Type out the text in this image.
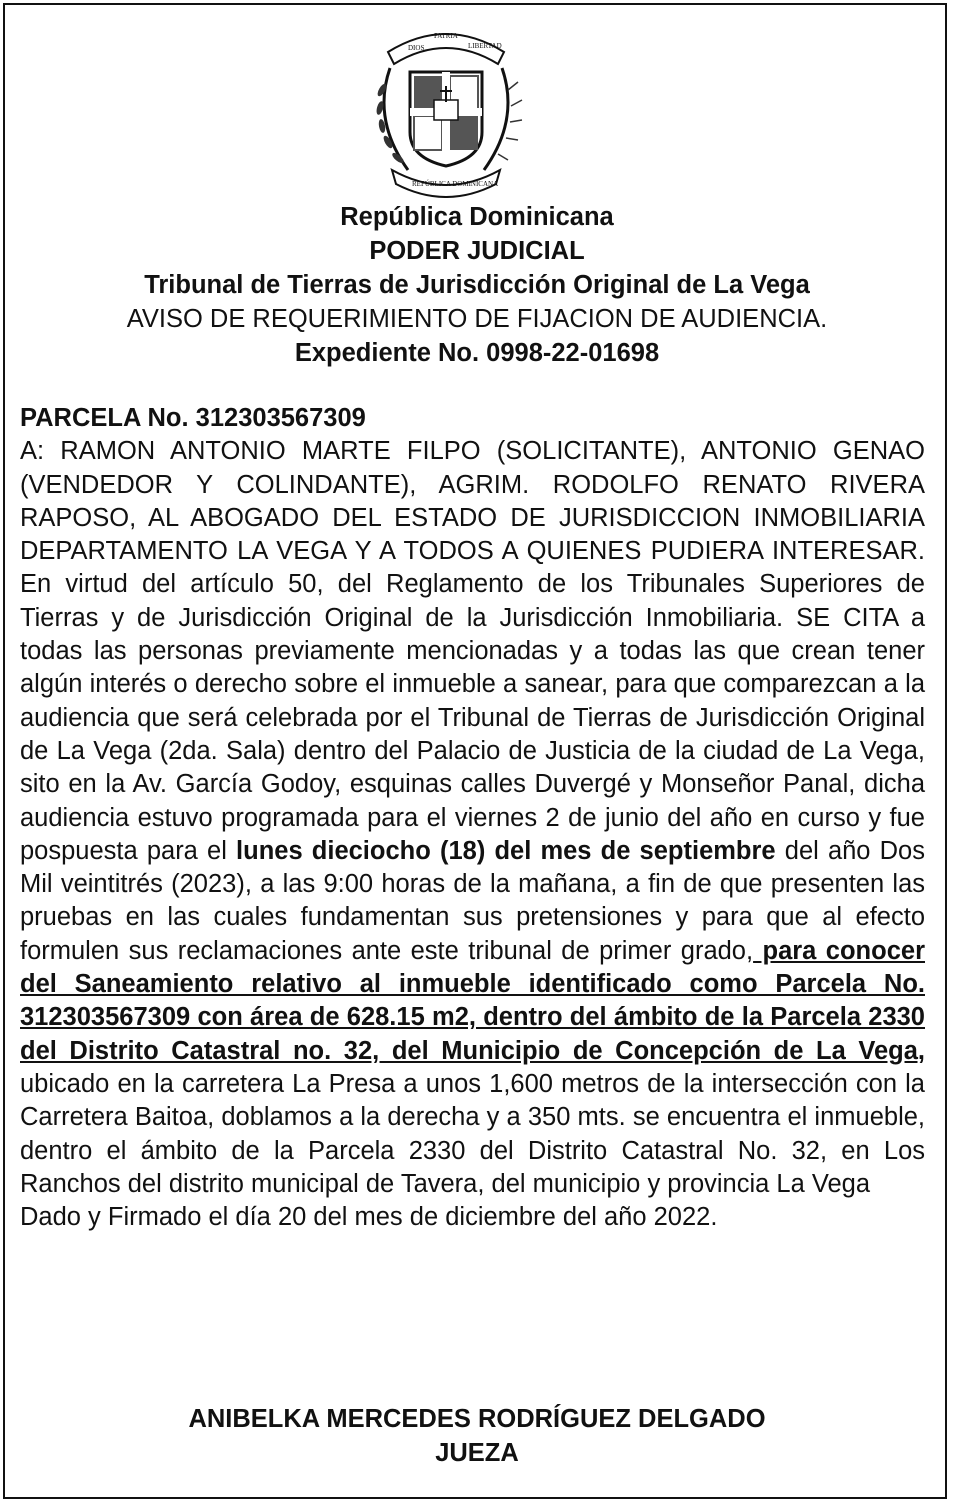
DIOS
PATRIA
LIBERTAD
REPÚBLICA DOMINICANA
República Dominicana
PODER JUDICIAL
Tribunal de Tierras de Jurisdicción Original de La Vega
AVISO DE REQUERIMIENTO DE FIJACION DE AUDIENCIA.
Expediente No. 0998-22-01698

PARCELA No. 312303567309

A: RAMON ANTONIO MARTE FILPO (SOLICITANTE), ANTONIO GENAO (VENDEDOR Y COLINDANTE), AGRIM. RODOLFO RENATO RIVERA RAPOSO, AL ABOGADO DEL ESTADO DE JURISDICCION INMOBILIARIA DEPARTAMENTO LA VEGA Y A TODOS A QUIENES PUDIERA INTERESAR. En virtud del artículo 50, del Reglamento de los Tribunales Superiores de Tierras y de Jurisdicción Original de la Jurisdicción Inmobiliaria. SE CITA a todas las personas previamente mencionadas y a todas las que crean tener algún interés o derecho sobre el inmueble a sanear, para que comparezcan a la audiencia que será celebrada por el Tribunal de Tierras de Jurisdicción Original de La Vega (2da. Sala) dentro del Palacio de Justicia de la ciudad de La Vega, sito en la Av. García Godoy, esquinas calles Duvergé y Monseñor Panal, dicha audiencia estuvo programada para el viernes 2 de junio del año en curso y fue pospuesta para el lunes dieciocho (18) del mes de septiembre del año Dos Mil veintitrés (2023), a las 9:00 horas de la mañana, a fin de que presenten las pruebas en las cuales fundamentan sus pretensiones y para que al efecto formulen sus reclamaciones ante este tribunal de primer grado, para conocer del Saneamiento relativo al inmueble identificado como Parcela No. 312303567309 con área de 628.15 m2, dentro del ámbito de la Parcela 2330 del Distrito Catastral no. 32, del Municipio de Concepción de La Vega, ubicado en la carretera La Presa a unos 1,600 metros de la intersección con la Carretera Baitoa, doblamos a la derecha y a 350 mts. se encuentra el inmueble, dentro el ámbito de la Parcela 2330 del Distrito Catastral No. 32, en Los Ranchos del distrito municipal de Tavera, del municipio y provincia La Vega

Dado y Firmado el día 20 del mes de diciembre del año 2022.

ANIBELKA MERCEDES RODRÍGUEZ DELGADO
JUEZA
